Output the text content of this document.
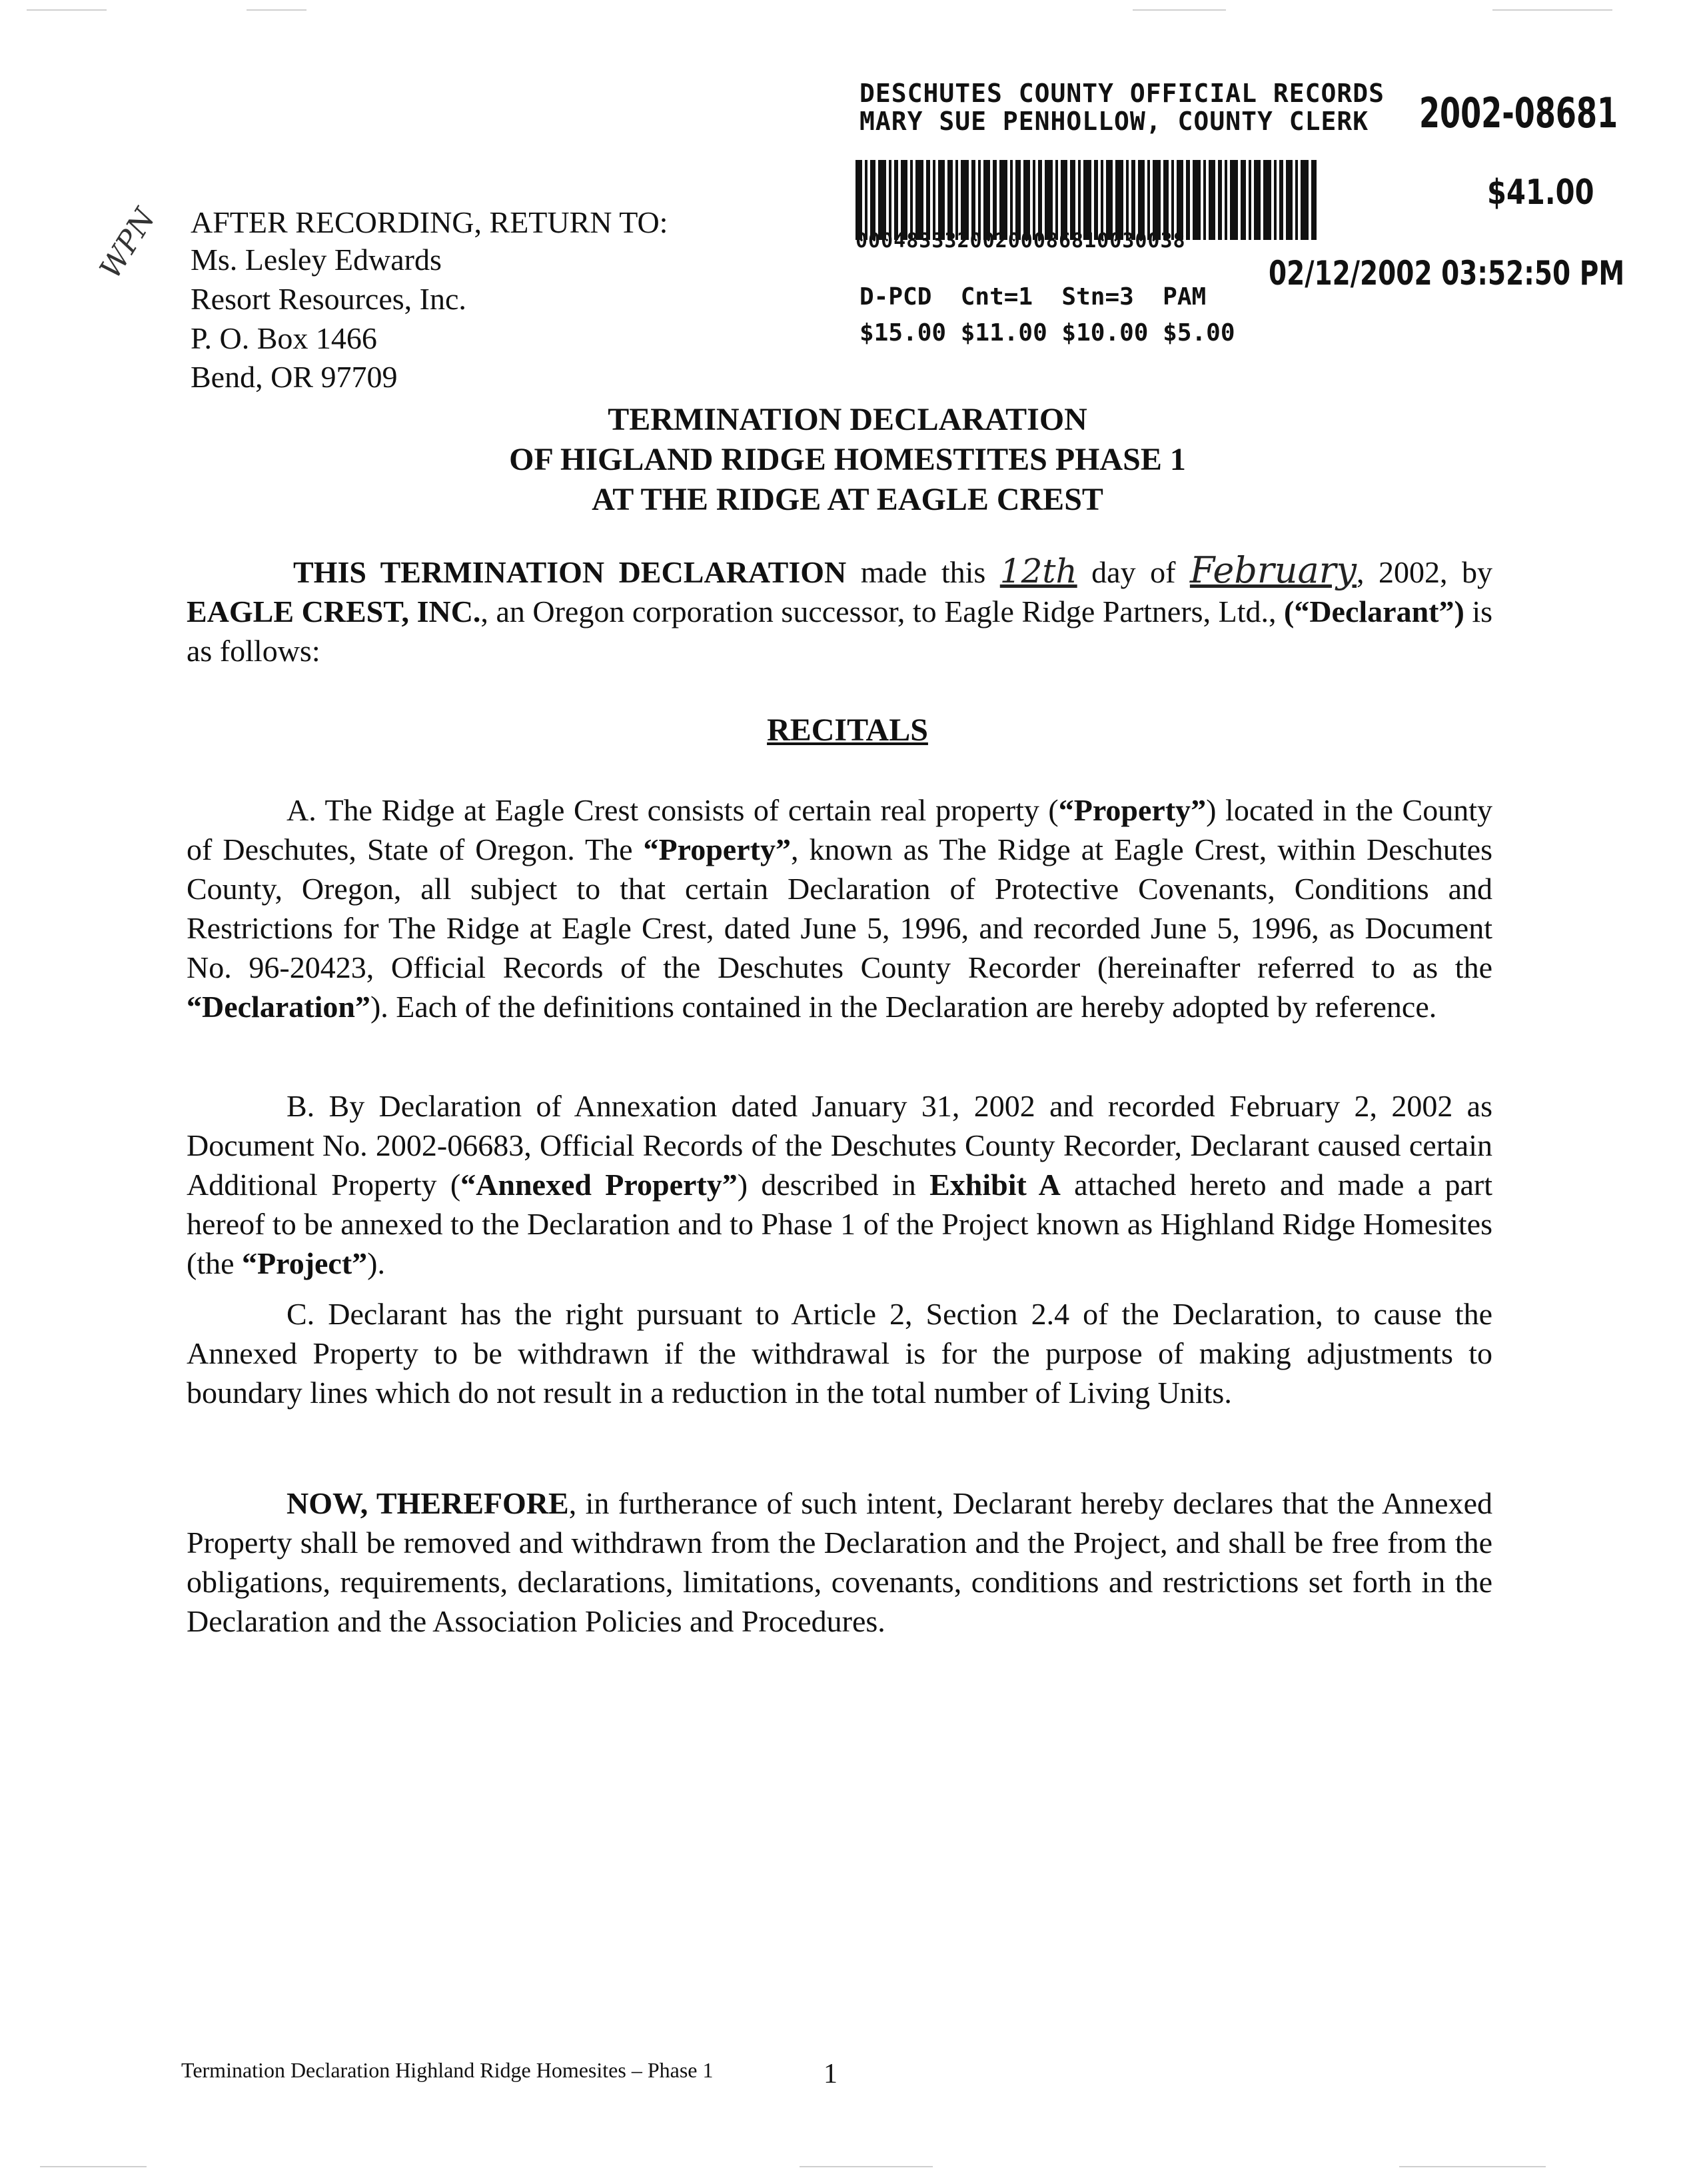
DESCHUTES COUNTY OFFICIAL RECORDS
MARY SUE PENHOLLOW, COUNTY CLERK 2002-08681
$41.00
00048333200200086810030038
02/12/2002 03:52:50 PM
D-PCD  Cnt=1  Stn=3  PAM
$15.00 $11.00 $10.00 $5.00
AFTER RECORDING, RETURN TO:
Ms. Lesley Edwards
Resort Resources, Inc.
P. O. Box 1466
Bend, OR 97709
WPN
TERMINATION DECLARATION
OF HIGLAND RIDGE HOMESTITES PHASE 1
AT THE RIDGE AT EAGLE CREST
THIS TERMINATION DECLARATION made this 12th day of February, 2002, by EAGLE CREST, INC., an Oregon corporation successor, to Eagle Ridge Partners, Ltd., (“Declarant”) is as follows:
RECITALS
A. The Ridge at Eagle Crest consists of certain real property (“Property”) located in the County of Deschutes, State of Oregon. The “Property”, known as The Ridge at Eagle Crest, within Deschutes County, Oregon, all subject to that certain Declaration of Protective Covenants, Conditions and Restrictions for The Ridge at Eagle Crest, dated June 5, 1996, and recorded June 5, 1996, as Document No. 96-20423, Official Records of the Deschutes County Recorder (hereinafter referred to as the “Declaration”). Each of the definitions contained in the Declaration are hereby adopted by reference.
B. By Declaration of Annexation dated January 31, 2002 and recorded February 2, 2002 as Document No. 2002-06683, Official Records of the Deschutes County Recorder, Declarant caused certain Additional Property (“Annexed Property”) described in Exhibit A attached hereto and made a part hereof to be annexed to the Declaration and to Phase 1 of the Project known as Highland Ridge Homesites (the “Project”).
C. Declarant has the right pursuant to Article 2, Section 2.4 of the Declaration, to cause the Annexed Property to be withdrawn if the withdrawal is for the purpose of making adjustments to boundary lines which do not result in a reduction in the total number of Living Units.
NOW, THEREFORE, in furtherance of such intent, Declarant hereby declares that the Annexed Property shall be removed and withdrawn from the Declaration and the Project, and shall be free from the obligations, requirements, declarations, limitations, covenants, conditions and restrictions set forth in the Declaration and the Association Policies and Procedures.
Termination Declaration Highland Ridge Homesites – Phase 1	1
